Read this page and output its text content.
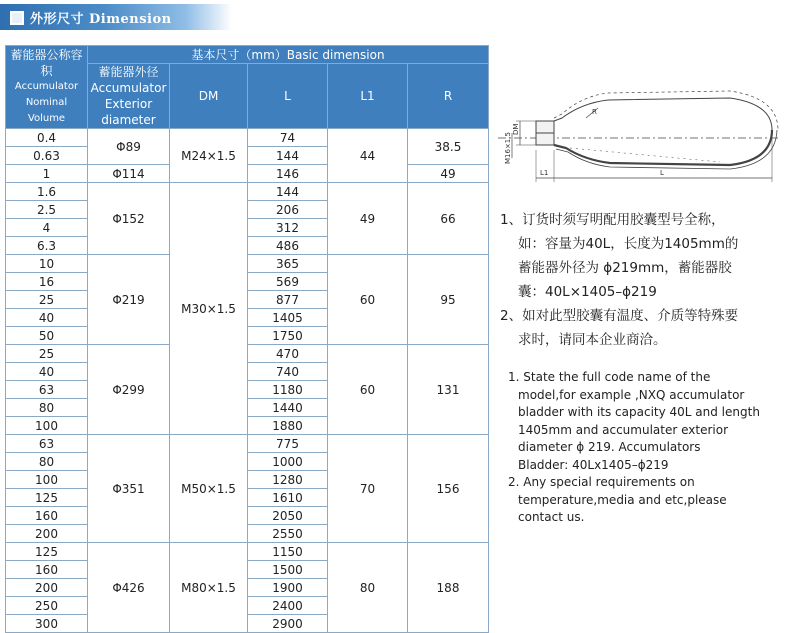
外形尺寸 Dimension
蓄能器公称容积
Accumulator
Nominal Volume	基本尺寸（mm）Basic dimension				

	蓄能器外径 Accumulator
Exterior diameter	DM	L	L1	R
0.4	Φ89	M24×1.5	74	44	38.5
0.63			144		
1	Φ114		146		49
1.6	Φ152	M30×1.5	144	49	66
2.5			206		
4			312		
6.3			486		
10	Φ219		365	60	95
16			569		
25			877		
40			1405		
50			1750		
25	Φ299		470	60	131
40			740		
63			1180		
80			1440		
100			1880		
63	Φ351	M50×1.5	775	70	156
80			1000		
100			1280		
125			1610		
160			2050		
200			2550		
125	Φ426	M80×1.5	1150	80	188
160			1500		
200			1900		
250			2400		
300			2900		
R
DM
M16×1.5
L1	L

1、订货时须写明配用胶囊型号全称，

如：容量为40L，长度为1405mm的

蓄能器外径为 ϕ219mm，蓄能器胶

囊：40L×1405–ϕ219

2、如对此型胶囊有温度、介质等特殊要

求时，请同本企业商洽。

1. State the full code name of the

model,for example ,NXQ accumulator

bladder with its capacity 40L and length

1405mm and accumulater exterior

diameter ϕ 219. Accumulators

Bladder: 40Lx1405–ϕ219

2. Any special requirements on

temperature,media and etc,please

contact us.
